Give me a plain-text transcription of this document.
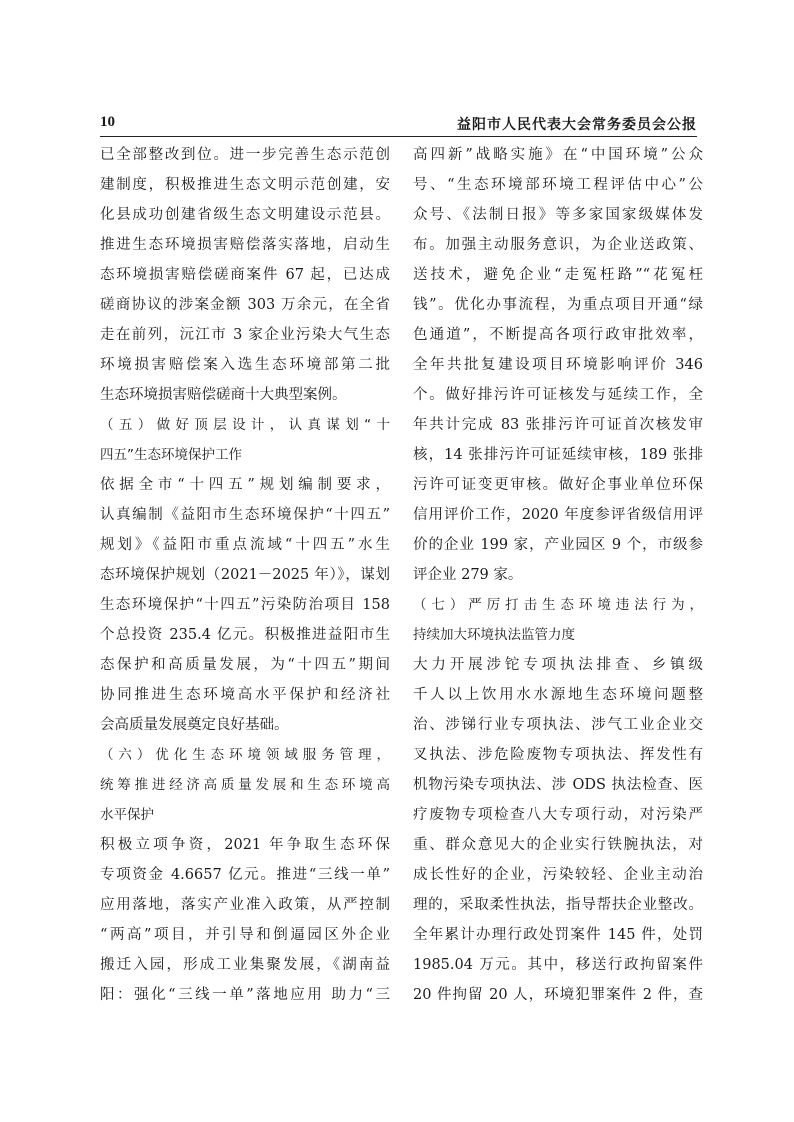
10	益阳市人民代表大会常务委员会公报
已全部整改到位。进一步完善生态示范创
建制度，积极推进生态文明示范创建，安
化县成功创建省级生态文明建设示范县。
推进生态环境损害赔偿落实落地，启动生
态环境损害赔偿磋商案件 67 起，已达成
磋商协议的涉案金额 303 万余元，在全省
走在前列，沅江市 3 家企业污染大气生态
环境损害赔偿案入选生态环境部第二批
生态环境损害赔偿磋商十大典型案例。
（五）做好顶层设计，认真谋划“十
四五”生态环境保护工作
依据全市“十四五”规划编制要求，
认真编制《益阳市生态环境保护“十四五”
规划》《益阳市重点流域“十四五”水生
态环境保护规划（2021－2025 年）》，谋划
生态环境保护“十四五”污染防治项目 158
个总投资 235.4 亿元。积极推进益阳市生
态保护和高质量发展，为“十四五”期间
协同推进生态环境高水平保护和经济社
会高质量发展奠定良好基础。
（六）优化生态环境领域服务管理，
统筹推进经济高质量发展和生态环境高
水平保护
积极立项争资，2021 年争取生态环保
专项资金 4.6657 亿元。推进“三线一单”
应用落地，落实产业准入政策，从严控制
“两高”项目，并引导和倒逼园区外企业
搬迁入园，形成工业集聚发展，《湖南益
阳：强化“三线一单”落地应用 助力“三
高四新”战略实施》在“中国环境”公众
号、“生态环境部环境工程评估中心”公
众号、《法制日报》等多家国家级媒体发
布。加强主动服务意识，为企业送政策、
送技术，避免企业“走冤枉路”“花冤枉
钱”。优化办事流程，为重点项目开通“绿
色通道”，不断提高各项行政审批效率，
全年共批复建设项目环境影响评价 346
个。做好排污许可证核发与延续工作，全
年共计完成 83 张排污许可证首次核发审
核，14 张排污许可证延续审核，189 张排
污许可证变更审核。做好企事业单位环保
信用评价工作，2020 年度参评省级信用评
价的企业 199 家，产业园区 9 个，市级参
评企业 279 家。
（七）严厉打击生态环境违法行为，
持续加大环境执法监管力度
大力开展涉铊专项执法排查、乡镇级
千人以上饮用水水源地生态环境问题整
治、涉锑行业专项执法、涉气工业企业交
叉执法、涉危险废物专项执法、挥发性有
机物污染专项执法、涉 ODS 执法检查、医
疗废物专项检查八大专项行动，对污染严
重、群众意见大的企业实行铁腕执法，对
成长性好的企业，污染较轻、企业主动治
理的，采取柔性执法，指导帮扶企业整改。
全年累计办理行政处罚案件 145 件，处罚
1985.04 万元。其中，移送行政拘留案件
20 件拘留 20 人，环境犯罪案件 2 件，查
